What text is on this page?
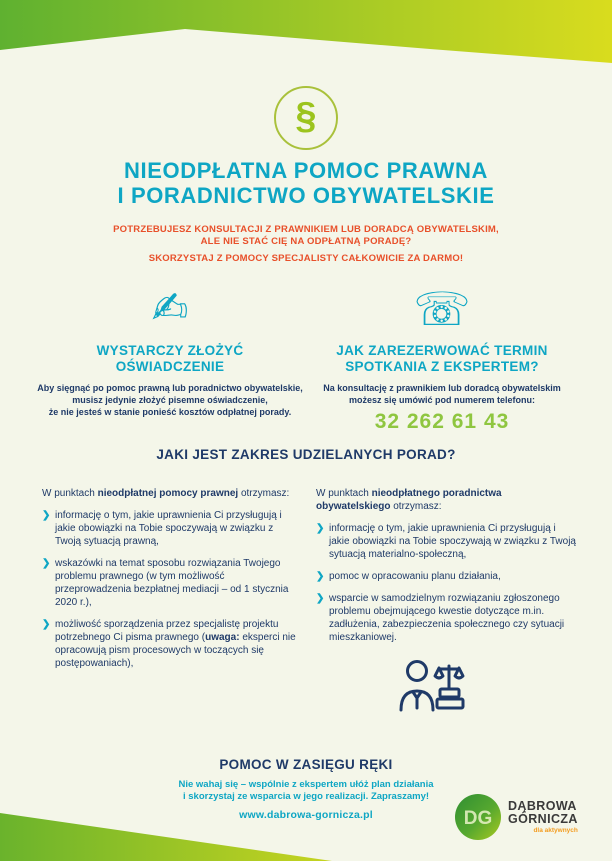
§
NIEODPŁATNA POMOC PRAWNA
I PORADNICTWO OBYWATELSKIE
POTRZEBUJESZ KONSULTACJI Z PRAWNIKIEM LUB DORADCĄ OBYWATELSKIM,
ALE NIE STAĆ CIĘ NA ODPŁATNĄ PORADĘ?
SKORZYSTAJ Z POMOCY SPECJALISTY CAŁKOWICIE ZA DARMO!
✍
WYSTARCZY ZŁOŻYĆ
OŚWIADCZENIE
Aby sięgnąć po pomoc prawną lub poradnictwo obywatelskie,
musisz jedynie złożyć pisemne oświadczenie,
że nie jesteś w stanie ponieść kosztów odpłatnej porady.
☏
JAK ZAREZERWOWAĆ TERMIN
SPOTKANIA Z EKSPERTEM?
Na konsultację z prawnikiem lub doradcą obywatelskim
możesz się umówić pod numerem telefonu:
32 262 61 43
JAKI JEST ZAKRES UDZIELANYCH PORAD?
W punktach nieodpłatnej pomocy prawnej otrzymasz:
❯ informację o tym, jakie uprawnienia Ci przysługują i jakie obowiązki na Tobie spoczywają w związku z Twoją sytuacją prawną,
❯ wskazówki na temat sposobu rozwiązania Twojego problemu prawnego (w tym możliwość przeprowadzenia bezpłatnej mediacji – od 1 stycznia 2020 r.),
❯ możliwość sporządzenia przez specjalistę projektu potrzebnego Ci pisma prawnego (uwaga: eksperci nie opracowują pism procesowych w toczących się postępowaniach),
W punktach nieodpłatnego poradnictwa obywatelskiego otrzymasz:
❯ informację o tym, jakie uprawnienia Ci przysługują i jakie obowiązki na Tobie spoczywają w związku z Twoją sytuacją materialno-społeczną,
❯ pomoc w opracowaniu planu działania,
❯ wsparcie w samodzielnym rozwiązaniu zgłoszonego problemu obejmującego kwestie dotyczące m.in. zadłużenia, zabezpieczenia społecznego czy sytuacji mieszkaniowej.
POMOC W ZASIĘGU RĘKI
Nie wahaj się – wspólnie z ekspertem ułóż plan działania
i skorzystaj ze wsparcia w jego realizacji. Zapraszamy!
www.dabrowa-gornicza.pl	DG
DĄBROWA
GÓRNICZA
dla aktywnych
